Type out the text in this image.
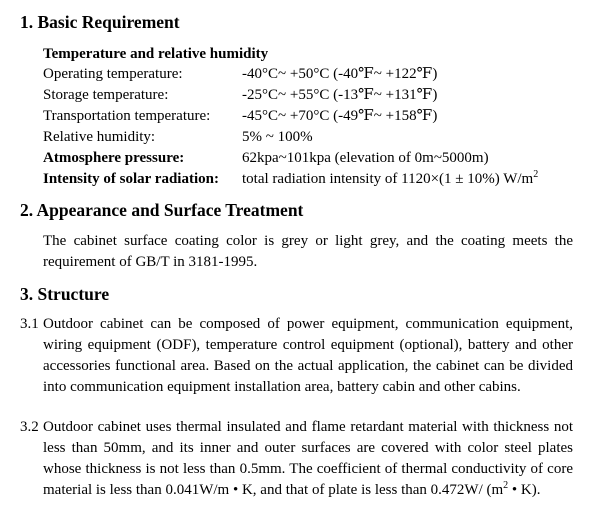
1. Basic Requirement
Temperature and relative humidity
Operating temperature:	-40°C~ +50°C (-40℉~ +122℉)
Storage temperature:	-25°C~ +55°C (-13℉~ +131℉)
Transportation temperature: -45°C~ +70°C (-49℉~ +158℉)
Relative humidity:	5% ~ 100%
Atmosphere pressure:	62kpa~101kpa (elevation of 0m~5000m)
Intensity of solar radiation: total radiation intensity of 1120×(1 ± 10%) $W/m^2$
2. Appearance and Surface Treatment
The cabinet surface coating color is grey or light grey, and the coating meets the requirement of GB/T in 3181-1995.
3. Structure
3.1 Outdoor cabinet can be composed of power equipment, communication equipment, wiring equipment (ODF), temperature control equipment (optional), battery and other accessories functional area. Based on the actual application, the cabinet can be divided into communication equipment installation area, battery cabin and other cabins.
3.2 Outdoor cabinet uses thermal insulated and flame retardant material with thickness not less than 50mm, and its inner and outer surfaces are covered with color steel plates whose thickness is not less than 0.5mm. The coefficient of thermal conductivity of core material is less than 0.041W/m • K, and that of plate is less than 0.472W/ ($m^2$ • K).
